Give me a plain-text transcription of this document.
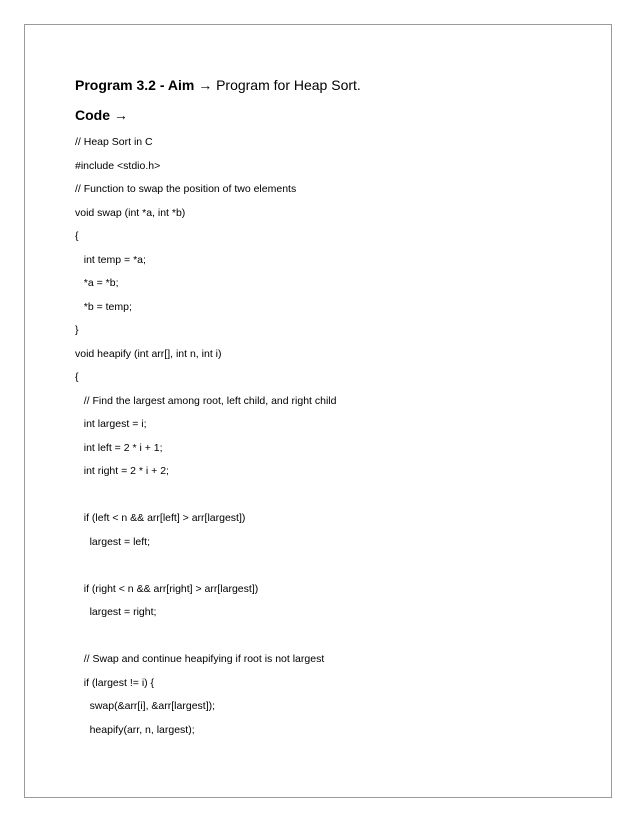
Program 3.2 - Aim → Program for Heap Sort.
Code →
// Heap Sort in C
#include <stdio.h>
// Function to swap the position of two elements
void swap (int *a, int *b)
{
int temp = *a;
*a = *b;
*b = temp;
}
void heapify (int arr[], int n, int i)
{
// Find the largest among root, left child, and right child
int largest = i;
int left = 2 * i + 1;
int right = 2 * i + 2;
if (left < n && arr[left] > arr[largest])
largest = left;
if (right < n && arr[right] > arr[largest])
largest = right;
// Swap and continue heapifying if root is not largest
if (largest != i) {
swap(&arr[i], &arr[largest]);
heapify(arr, n, largest);
